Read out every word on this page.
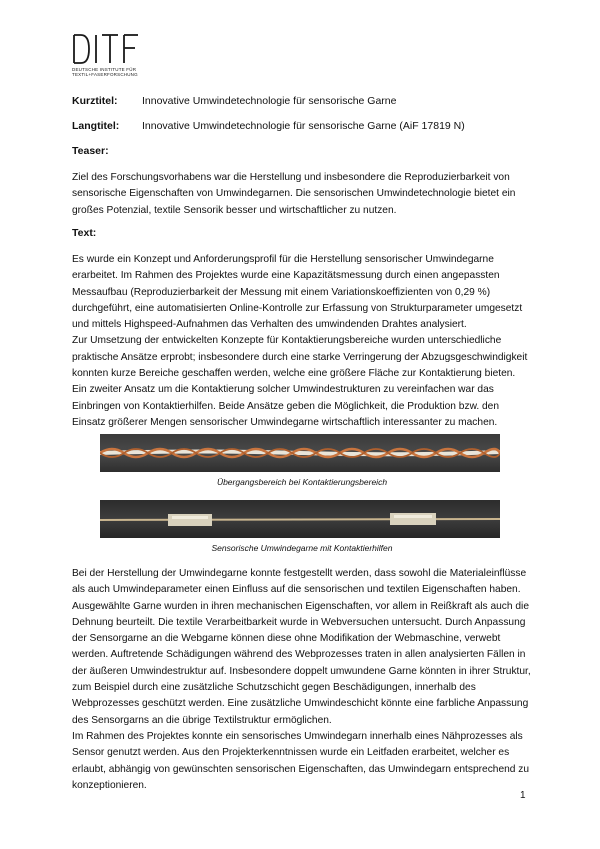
DEUTSCHE INSTITUTE FÜR
TEXTIL+FASERFORSCHUNG
Kurztitel:	Innovative Umwindetechnologie für sensorische Garne
Langtitel:	Innovative Umwindetechnologie für sensorische Garne (AiF 17819 N)
Teaser:

Ziel des Forschungsvorhabens war die Herstellung und insbesondere die Reproduzierbarkeit von sensorische Eigenschaften von Umwindegarnen. Die sensorischen Umwindetechnologie bietet ein großes Potenzial, textile Sensorik besser und wirtschaftlicher zu nutzen.

Text:

Es wurde ein Konzept und Anforderungsprofil für die Herstellung sensorischer Umwindegarne erarbeitet. Im Rahmen des Projektes wurde eine Kapazitätsmessung durch einen angepassten Messaufbau (Reproduzierbarkeit der Messung mit einem Variationskoeffizienten von 0,29 %) durchgeführt, eine automatisierten Online-Kontrolle zur Erfassung von Strukturparameter umgesetzt und mittels Highspeed-Aufnahmen das Verhalten des umwindenden Drahtes analysiert.

Zur Umsetzung der entwickelten Konzepte für Kontaktierungsbereiche wurden unterschiedliche praktische Ansätze erprobt; insbesondere durch eine starke Verringerung der Abzugsgeschwindigkeit konnten kurze Bereiche geschaffen werden, welche eine größere Fläche zur Kontaktierung bieten. Ein zweiter Ansatz um die Kontaktierung solcher Umwindestrukturen zu vereinfachen war das Einbringen von Kontaktierhilfen. Beide Ansätze geben die Möglichkeit, die Produktion bzw. den Einsatz größerer Mengen sensorischer Umwindegarne wirtschaftlich interessanter zu machen.

Übergangsbereich bei Kontaktierungsbereich
Sensorische Umwindegarne mit Kontaktierhilfen

Bei der Herstellung der Umwindegarne konnte festgestellt werden, dass sowohl die Materialeinflüsse als auch Umwindeparameter einen Einfluss auf die sensorischen und textilen Eigenschaften haben. Ausgewählte Garne wurden in ihren mechanischen Eigenschaften, vor allem in Reißkraft als auch die Dehnung beurteilt. Die textile Verarbeitbarkeit wurde in Webversuchen untersucht. Durch Anpassung der Sensorgarne an die Webgarne können diese ohne Modifikation der Webmaschine, verwebt werden. Auftretende Schädigungen während des Webprozesses traten in allen analysierten Fällen in der äußeren Umwindestruktur auf. Insbesondere doppelt umwundene Garne könnten in ihrer Struktur, zum Beispiel durch eine zusätzliche Schutzschicht gegen Beschädigungen, innerhalb des Webprozesses geschützt werden. Eine zusätzliche Umwindeschicht könnte eine farbliche Anpassung des Sensorgarns an die übrige Textilstruktur ermöglichen.

Im Rahmen des Projektes konnte ein sensorisches Umwindegarn innerhalb eines Nähprozesses als Sensor genutzt werden. Aus den Projekterkenntnissen wurde ein Leitfaden erarbeitet, welcher es erlaubt, abhängig von gewünschten sensorischen Eigenschaften, das Umwindegarn entsprechend zu konzeptionieren.

1
